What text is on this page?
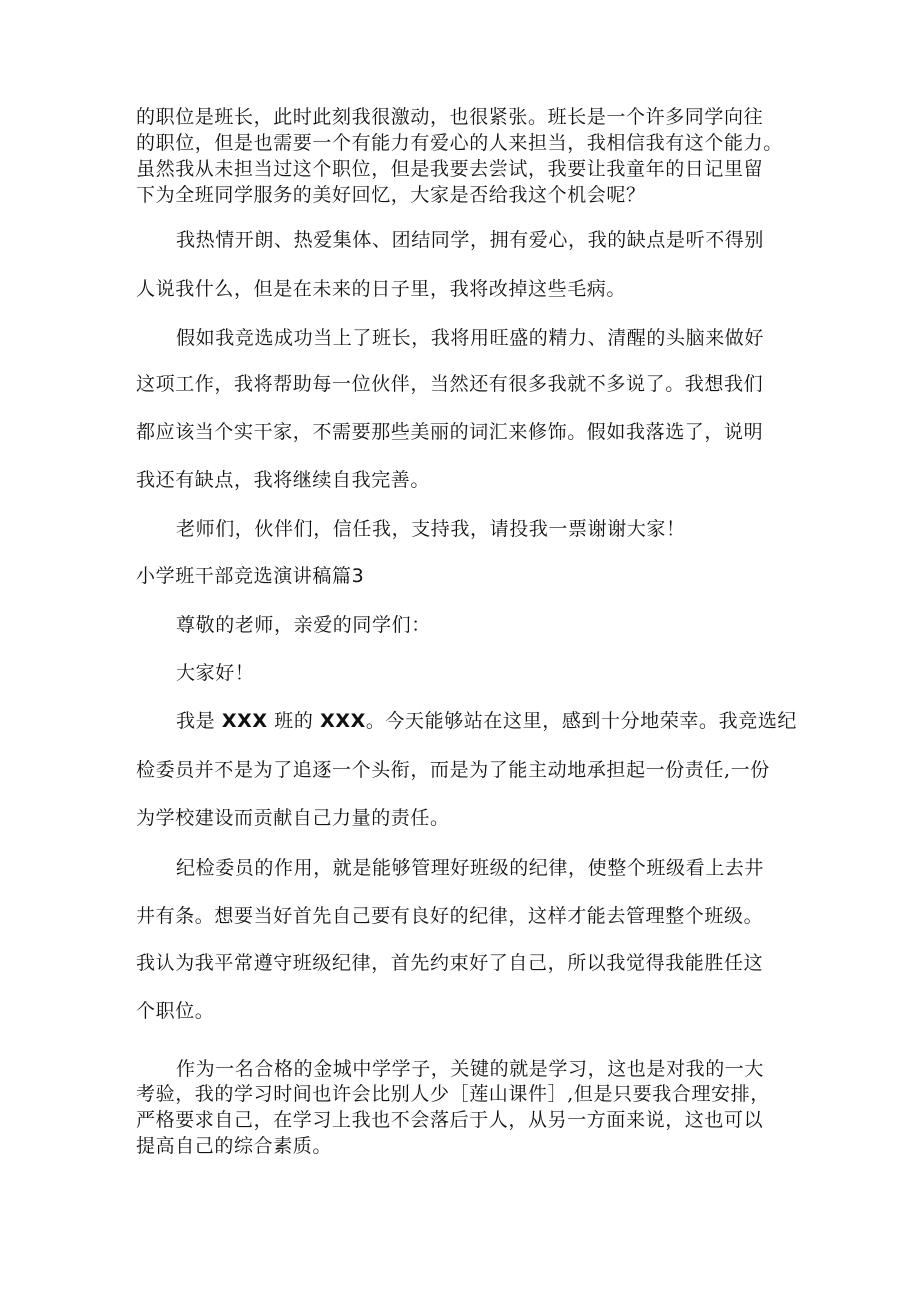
的职位是班长，此时此刻我很激动，也很紧张。班长是一个许多同学向往
的职位，但是也需要一个有能力有爱心的人来担当，我相信我有这个能力。
虽然我从未担当过这个职位，但是我要去尝试，我要让我童年的日记里留
下为全班同学服务的美好回忆，大家是否给我这个机会呢？
我热情开朗、热爱集体、团结同学，拥有爱心，我的缺点是听不得别
人说我什么，但是在未来的日子里，我将改掉这些毛病。
假如我竞选成功当上了班长，我将用旺盛的精力、清醒的头脑来做好
这项工作，我将帮助每一位伙伴，当然还有很多我就不多说了。我想我们
都应该当个实干家，不需要那些美丽的词汇来修饰。假如我落选了，说明
我还有缺点，我将继续自我完善。
老师们，伙伴们，信任我，支持我，请投我一票谢谢大家！
小学班干部竞选演讲稿篇3
尊敬的老师，亲爱的同学们：
大家好！
我是 XXX 班的 XXX。今天能够站在这里，感到十分地荣幸。我竞选纪
检委员并不是为了追逐一个头衔，而是为了能主动地承担起一份责任,一份
为学校建设而贡献自己力量的责任。
纪检委员的作用，就是能够管理好班级的纪律，使整个班级看上去井
井有条。想要当好首先自己要有良好的纪律，这样才能去管理整个班级。
我认为我平常遵守班级纪律，首先约束好了自己，所以我觉得我能胜任这
个职位。
作为一名合格的金城中学学子，关键的就是学习，这也是对我的一大
考验，我的学习时间也许会比别人少［莲山课件］,但是只要我合理安排，
严格要求自己，在学习上我也不会落后于人，从另一方面来说，这也可以
提高自己的综合素质。
